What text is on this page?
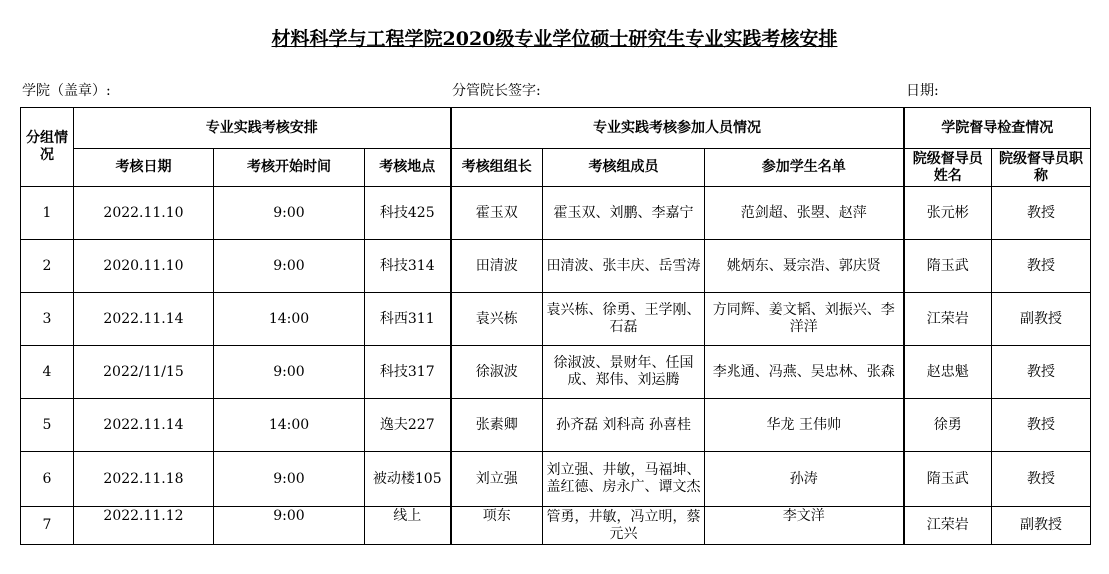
材料科学与工程学院2020级专业学位硕士研究生专业实践考核安排
学院（盖章）:	分管院长签字:	日期:
分组情况	专业实践考核安排			专业实践考核参加人员情况			学院督导检查情况	
	考核日期	考核开始时间	考核地点	考核组组长	考核组成员	参加学生名单	院级督导员姓名	院级督导员职称
1	2022.11.10	9:00	科技425	霍玉双	霍玉双、刘鹏、李嘉宁	范剑超、张曌、赵萍	张元彬	教授
2	2020.11.10	9:00	科技314	田清波	田清波、张丰庆、岳雪涛	姚炳东、聂宗浩、郭庆贤	隋玉武	教授
3	2022.11.14	14:00	科西311	袁兴栋	袁兴栋、徐勇、王学刚、石磊	方同辉、姜文韬、刘振兴、李洋洋	江荣岩	副教授
4	2022/11/15	9:00	科技317	徐淑波	徐淑波、景财年、任国成、郑伟、刘运腾	李兆通、冯燕、吴忠林、张森	赵忠魁	教授
5	2022.11.14	14:00	逸夫227	张素卿	孙齐磊 刘科高 孙喜桂	华龙 王伟帅	徐勇	教授
6	2022.11.18	9:00	被动楼105	刘立强	刘立强、井敏，马福坤、盖红德、房永广、谭文杰	孙涛	隋玉武	教授
7	2022.11.12	9:00	线上	项东	管勇，井敏，冯立明，蔡元兴	李文洋	江荣岩	副教授
